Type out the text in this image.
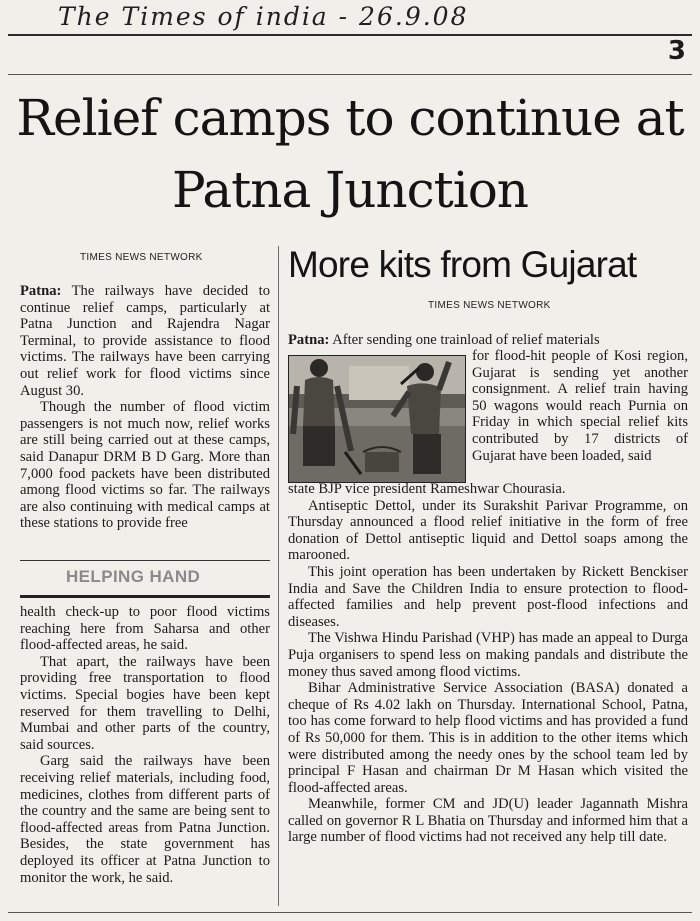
The Times of india - 26.9.08
3
Relief camps to continue at Patna Junction
TIMES NEWS NETWORK

Patna: The railways have decided to continue relief camps, particularly at Patna Junction and Rajendra Nagar Terminal, to provide assistance to flood victims. The railways have been carrying out relief work for flood victims since August 30.

Though the number of flood victim passengers is not much now, relief works are still being carried out at these camps, said Danapur DRM B D Garg. More than 7,000 food packets have been distributed among flood victims so far. The railways are also continuing with medical camps at these stations to provide free

HELPING HAND

health check-up to poor flood victims reaching here from Saharsa and other flood-affected areas, he said.

That apart, the railways have been providing free transportation to flood victims. Special bogies have been kept reserved for them travelling to Delhi, Mumbai and other parts of the country, said sources.

Garg said the railways have been receiving relief materials, including food, medicines, clothes from different parts of the country and the same are being sent to flood-affected areas from Patna Junction. Besides, the state government has deployed its officer at Patna Junction to monitor the work, he said.

More kits from Gujarat
TIMES NEWS NETWORK

Patna: After sending one trainload of relief materials

for flood-hit people of Kosi region, Gujarat is sending yet another consignment. A relief train having 50 wagons would reach Purnia on Friday in which special relief kits contributed by 17 districts of Gujarat have been loaded, said

state BJP vice president Rameshwar Chourasia.

Antiseptic Dettol, under its Surakshit Parivar Programme, on Thursday announced a flood relief initiative in the form of free donation of Dettol antiseptic liquid and Dettol soaps among the marooned.

This joint operation has been undertaken by Rickett Benckiser India and Save the Children India to ensure protection to flood-affected families and help prevent post-flood infections and diseases.

The Vishwa Hindu Parishad (VHP) has made an appeal to Durga Puja organisers to spend less on making pandals and distribute the money thus saved among flood victims.

Bihar Administrative Service Association (BASA) donated a cheque of Rs 4.02 lakh on Thursday. International School, Patna, too has come forward to help flood victims and has provided a fund of Rs 50,000 for them. This is in addition to the other items which were distributed among the needy ones by the school team led by principal F Hasan and chairman Dr M Hasan which visited the flood-affected areas.

Meanwhile, former CM and JD(U) leader Jagannath Mishra called on governor R L Bhatia on Thursday and informed him that a large number of flood victims had not received any help till date.
